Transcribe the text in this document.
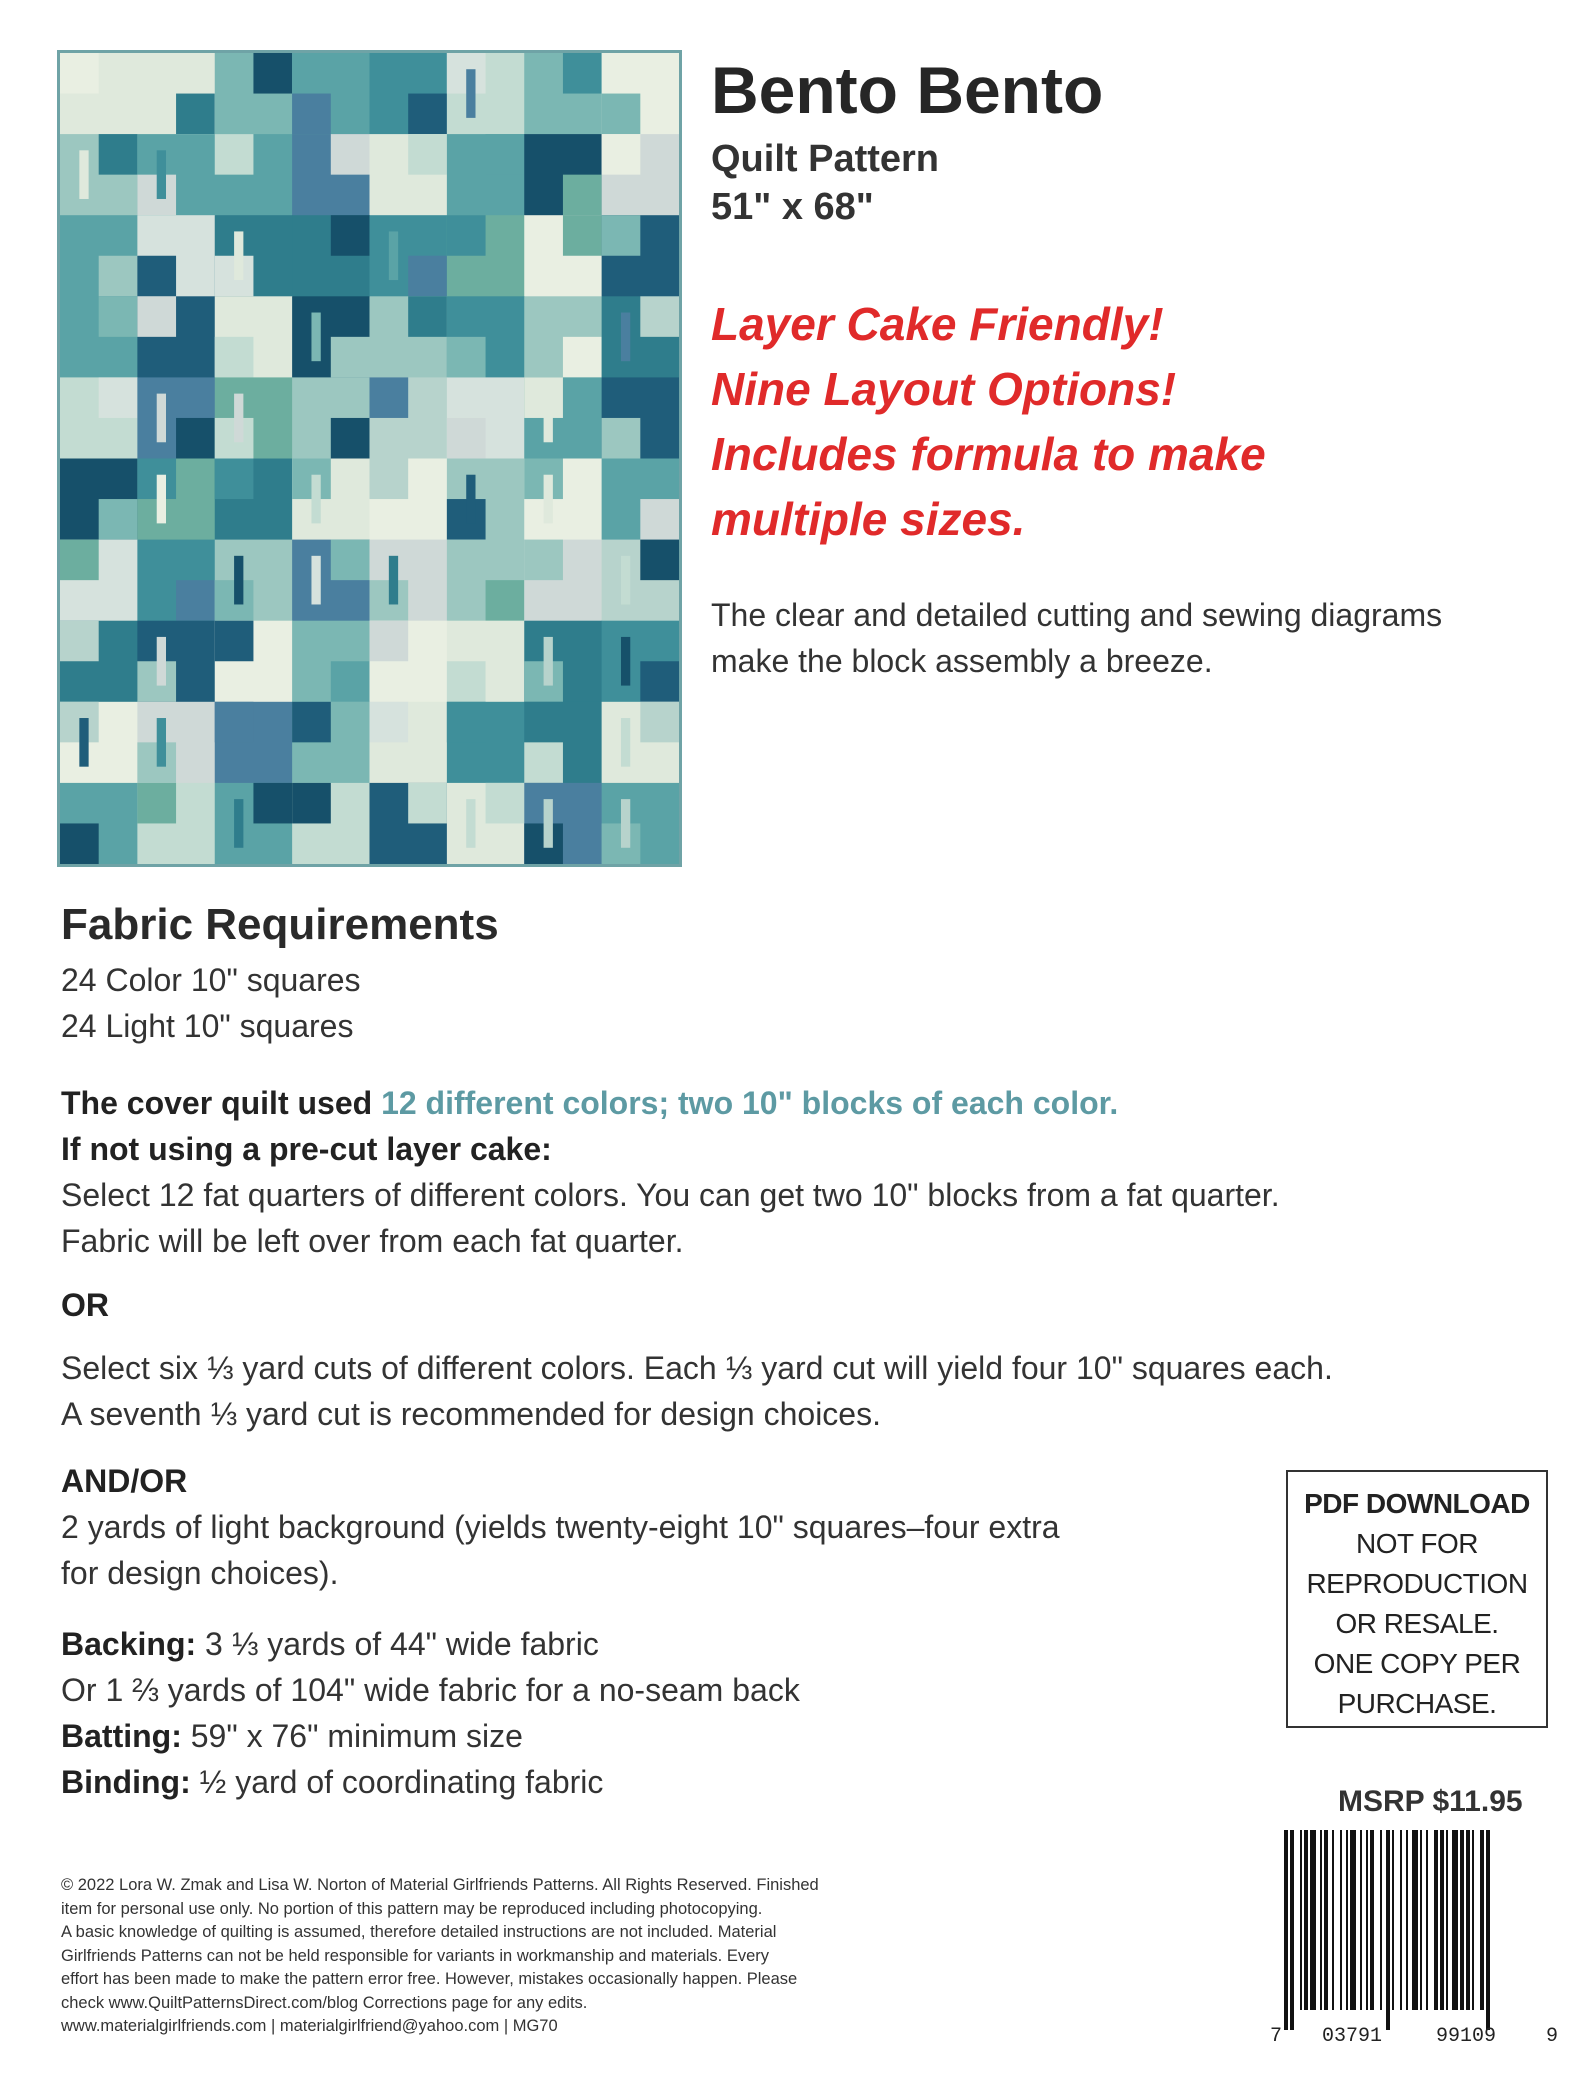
Bento Bento
Quilt Pattern
51" x 68"
Layer Cake Friendly!
Nine Layout Options!
Includes formula to make
multiple sizes.
The clear and detailed cutting and sewing diagrams make the block assembly a breeze.
Fabric Requirements
24 Color 10" squares
24 Light 10" squares
The cover quilt used 12 different colors; two 10" blocks of each color.
If not using a pre-cut layer cake:
Select 12 fat quarters of different colors. You can get two 10" blocks from a fat quarter.
Fabric will be left over from each fat quarter.
OR
Select six ⅓ yard cuts of different colors. Each ⅓ yard cut will yield four 10" squares each.
A seventh ⅓ yard cut is recommended for design choices.
AND/OR
2 yards of light background (yields twenty-eight 10" squares–four extra
for design choices).
Backing: 3 ⅓ yards of 44" wide fabric
Or 1 ⅔ yards of 104" wide fabric for a no-seam back
Batting: 59" x 76" minimum size
Binding: ½ yard of coordinating fabric
PDF DOWNLOAD
NOT FOR
REPRODUCTION
OR RESALE.
ONE COPY PER
PURCHASE.
MSRP $11.95
7 03791	99109 9
© 2022 Lora W. Zmak and Lisa W. Norton of Material Girlfriends Patterns. All Rights Reserved. Finished
item for personal use only. No portion of this pattern may be reproduced including photocopying.
A basic knowledge of quilting is assumed, therefore detailed instructions are not included. Material
Girlfriends Patterns can not be held responsible for variants in workmanship and materials. Every
effort has been made to make the pattern error free. However, mistakes occasionally happen. Please
check www.QuiltPatternsDirect.com/blog Corrections page for any edits.
www.materialgirlfriends.com | materialgirlfriend@yahoo.com | MG70
